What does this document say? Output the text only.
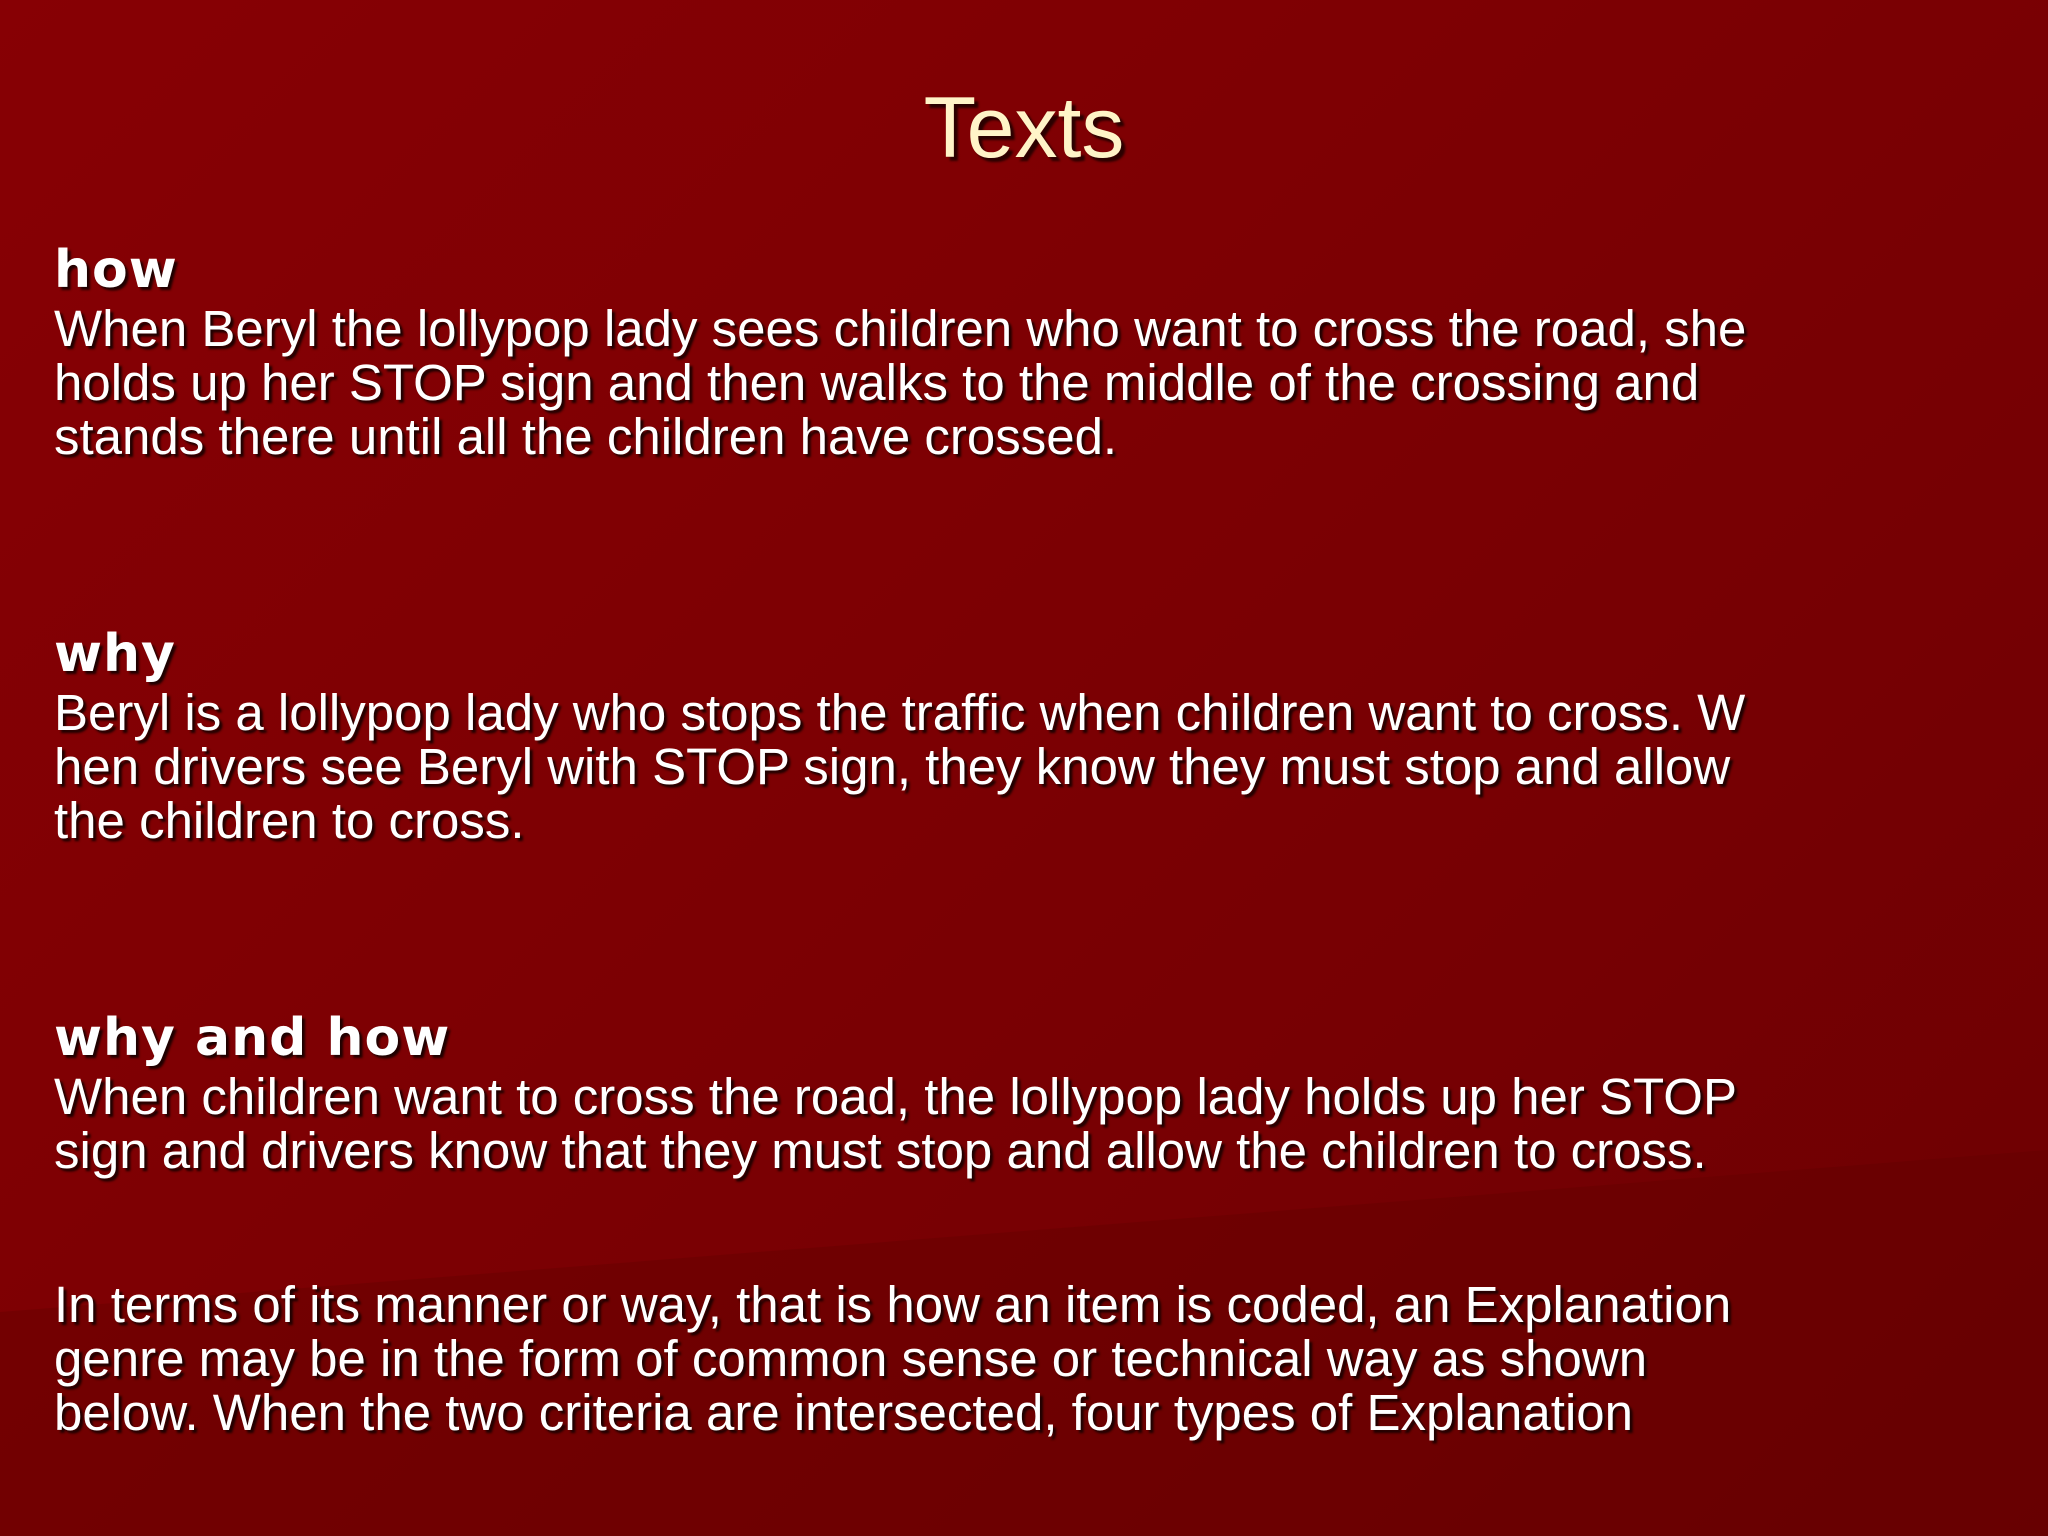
Texts
how
When Beryl the lollypop lady sees children who want to cross the road, she
holds up her STOP sign and then walks to the middle of the crossing and
stands there until all the children have crossed.
why
Beryl is a lollypop lady who stops the traffic when children want to cross. W
hen drivers see Beryl with STOP sign, they know they must stop and allow
the children to cross.
why and how
When children want to cross the road, the lollypop lady holds up her STOP
sign and drivers know that they must stop and allow the children to cross.
In terms of its manner or way, that is how an item is coded, an Explanation
genre may be in the form of common sense or technical way as shown
below. When the two criteria are intersected, four types of Explanation
